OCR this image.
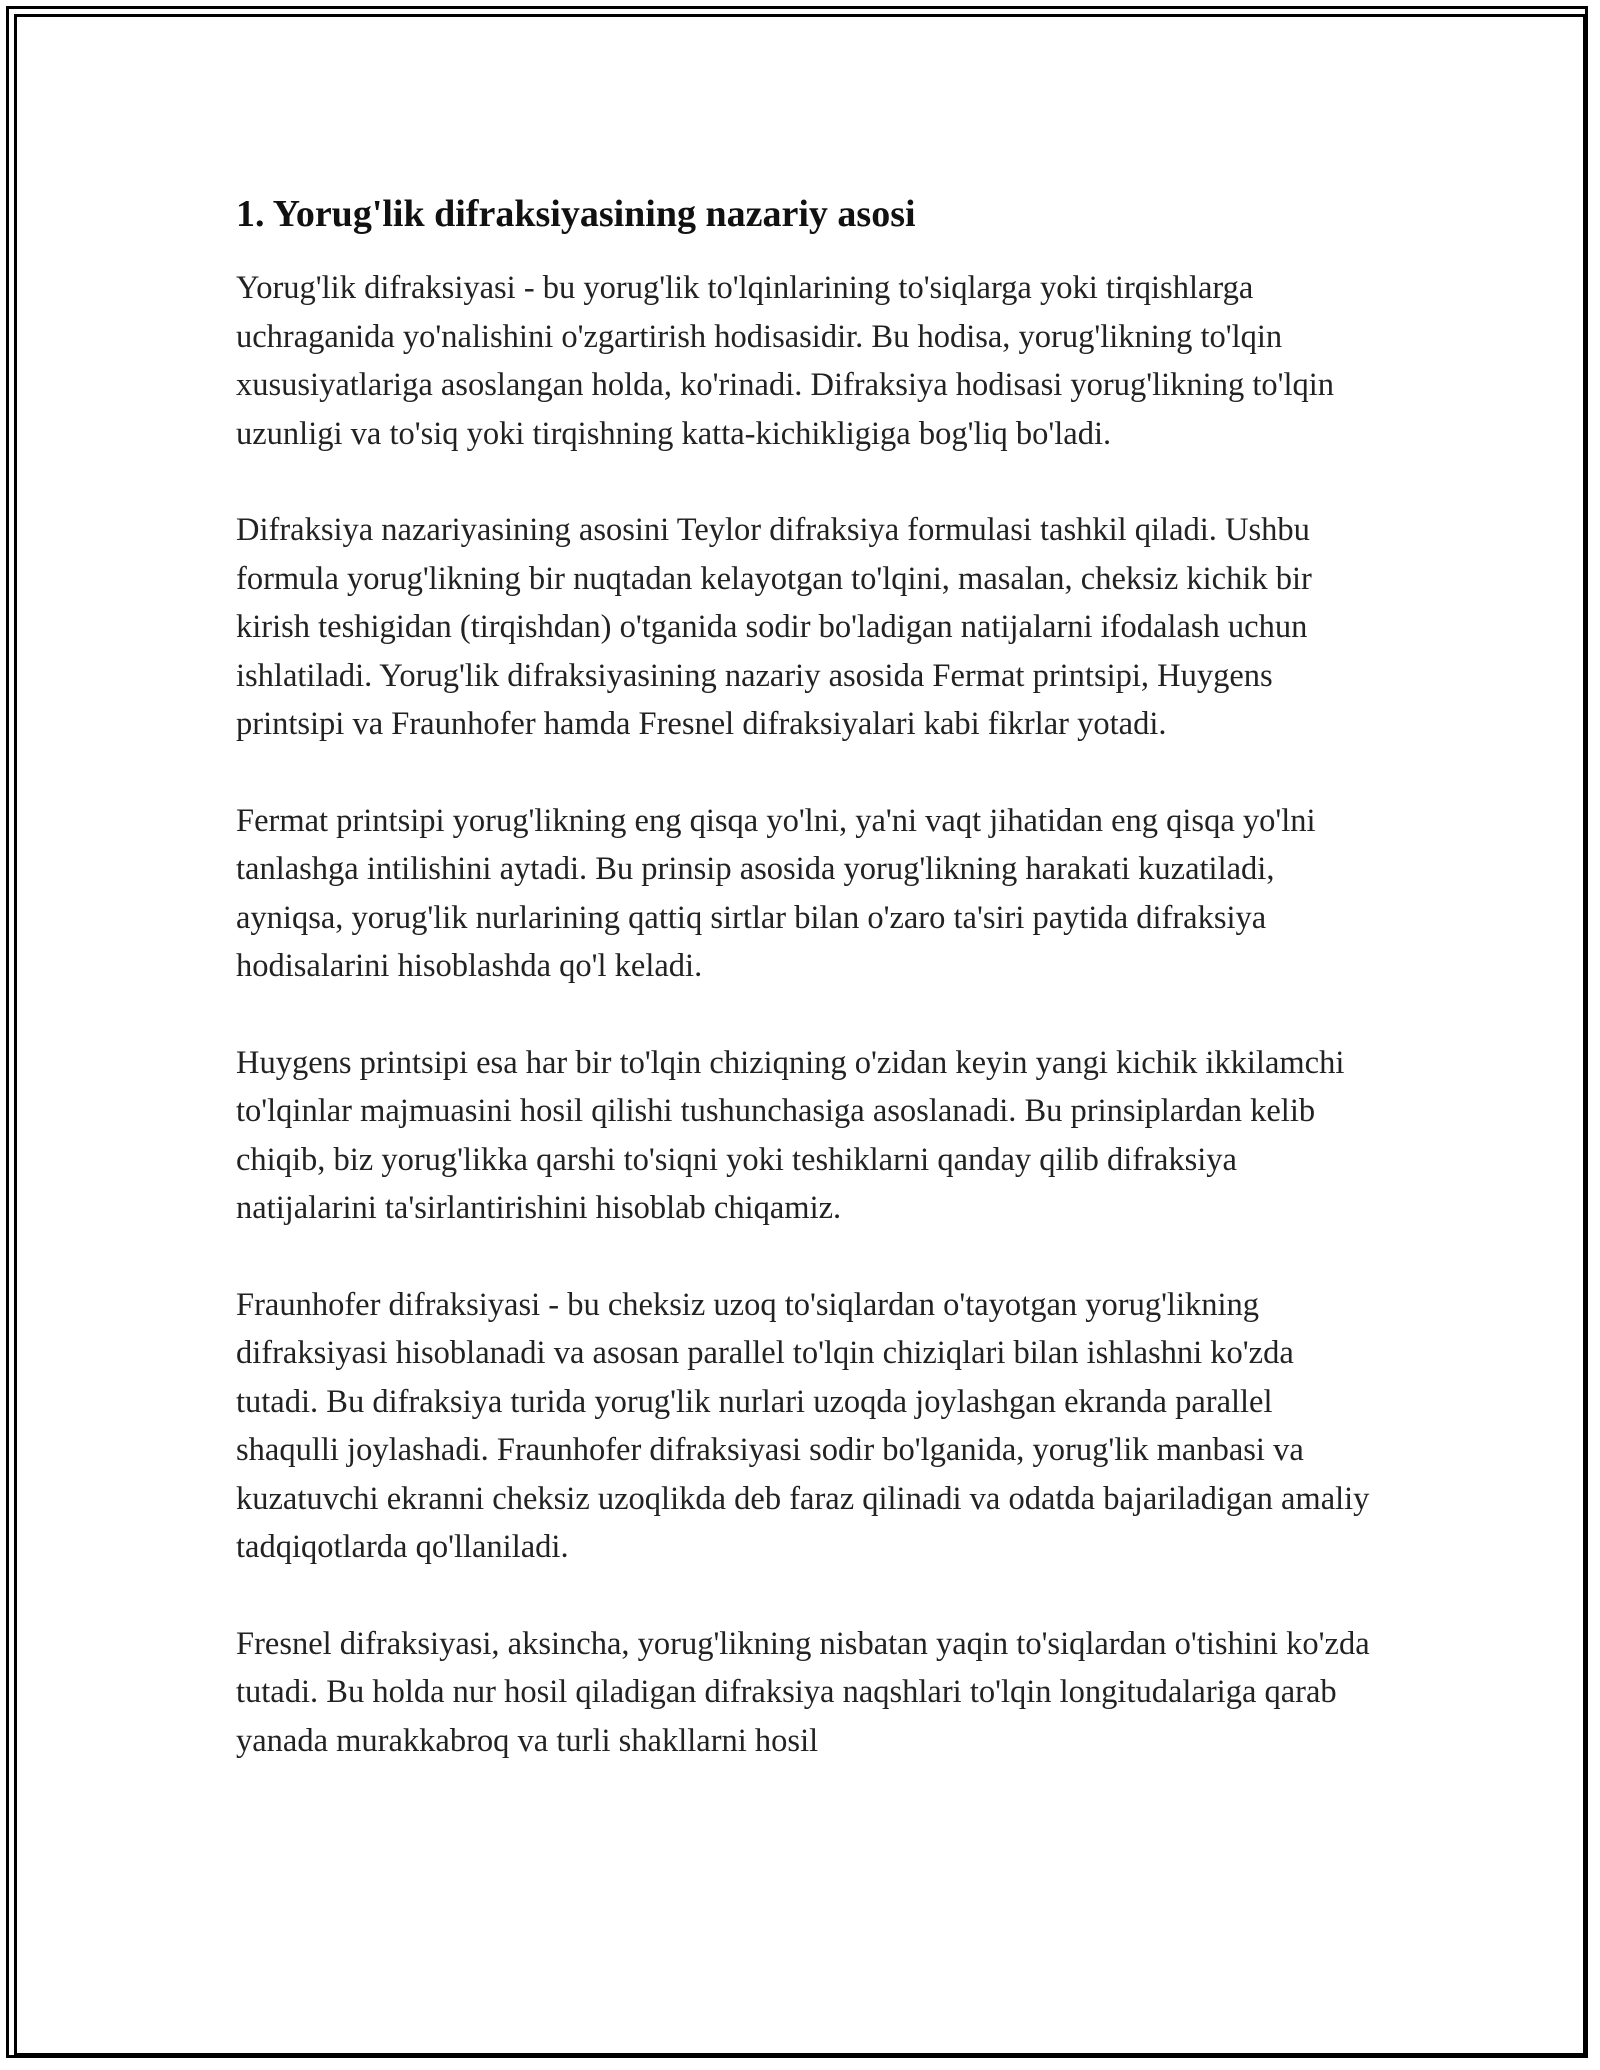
1. Yorug'lik difraksiyasining nazariy asosi

Yorug'lik difraksiyasi - bu yorug'lik to'lqinlarining to'siqlarga yoki tirqishlarga uchraganida yo'nalishini o'zgartirish hodisasidir. Bu hodisa, yorug'likning to'lqin xususiyatlariga asoslangan holda, ko'rinadi. Difraksiya hodisasi yorug'likning to'lqin uzunligi va to'siq yoki tirqishning katta-kichikligiga bog'liq bo'ladi.

Difraksiya nazariyasining asosini Teylor difraksiya formulasi tashkil qiladi. Ushbu formula yorug'likning bir nuqtadan kelayotgan to'lqini, masalan, cheksiz kichik bir kirish teshigidan (tirqishdan) o'tganida sodir bo'ladigan natijalarni ifodalash uchun ishlatiladi. Yorug'lik difraksiyasining nazariy asosida Fermat printsipi, Huygens printsipi va Fraunhofer hamda Fresnel difraksiyalari kabi fikrlar yotadi.

Fermat printsipi yorug'likning eng qisqa yo'lni, ya'ni vaqt jihatidan eng qisqa yo'lni tanlashga intilishini aytadi. Bu prinsip asosida yorug'likning harakati kuzatiladi, ayniqsa, yorug'lik nurlarining qattiq sirtlar bilan o'zaro ta'siri paytida difraksiya hodisalarini hisoblashda qo'l keladi.

Huygens printsipi esa har bir to'lqin chiziqning o'zidan keyin yangi kichik ikkilamchi to'lqinlar majmuasini hosil qilishi tushunchasiga asoslanadi. Bu prinsiplardan kelib chiqib, biz yorug'likka qarshi to'siqni yoki teshiklarni qanday qilib difraksiya natijalarini ta'sirlantirishini hisoblab chiqamiz.

Fraunhofer difraksiyasi - bu cheksiz uzoq to'siqlardan o'tayotgan yorug'likning difraksiyasi hisoblanadi va asosan parallel to'lqin chiziqlari bilan ishlashni ko'zda tutadi. Bu difraksiya turida yorug'lik nurlari uzoqda joylashgan ekranda parallel shaqulli joylashadi. Fraunhofer difraksiyasi sodir bo'lganida, yorug'lik manbasi va kuzatuvchi ekranni cheksiz uzoqlikda deb faraz qilinadi va odatda bajariladigan amaliy tadqiqotlarda qo'llaniladi.

Fresnel difraksiyasi, aksincha, yorug'likning nisbatan yaqin to'siqlardan o'tishini ko'zda tutadi. Bu holda nur hosil qiladigan difraksiya naqshlari to'lqin longitudalariga qarab yanada murakkabroq va turli shakllarni hosil
